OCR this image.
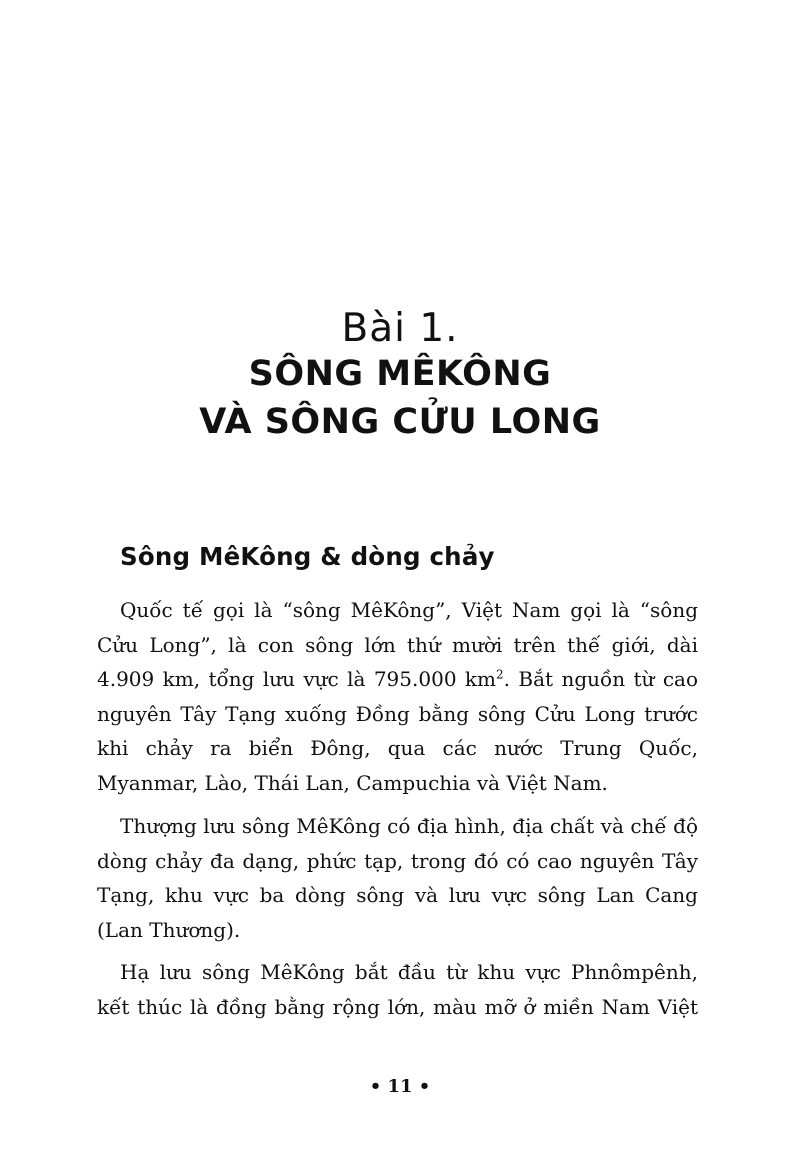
Bài 1.
SÔNG MÊKÔNG
VÀ SÔNG CỬU LONG
Sông MêKông & dòng chảy

Quốc tế gọi là “sông MêKông”, Việt Nam gọi là “sông Cửu Long”, là con sông lớn thứ mười trên thế giới, dài 4.909 km, tổng lưu vực là 795.000 $km^2$. Bắt nguồn từ cao nguyên Tây Tạng xuống Đồng bằng sông Cửu Long trước khi chảy ra biển Đông, qua các nước Trung Quốc, Myanmar, Lào, Thái Lan, Campuchia và Việt Nam.

Thượng lưu sông MêKông có địa hình, địa chất và chế độ dòng chảy đa dạng, phức tạp, trong đó có cao nguyên Tây Tạng, khu vực ba dòng sông và lưu vực sông Lan Cang (Lan Thương).

Hạ lưu sông MêKông bắt đầu từ khu vực Phnômpênh, kết thúc là đồng bằng rộng lớn, màu mỡ ở miền Nam Việt

• 11 •
